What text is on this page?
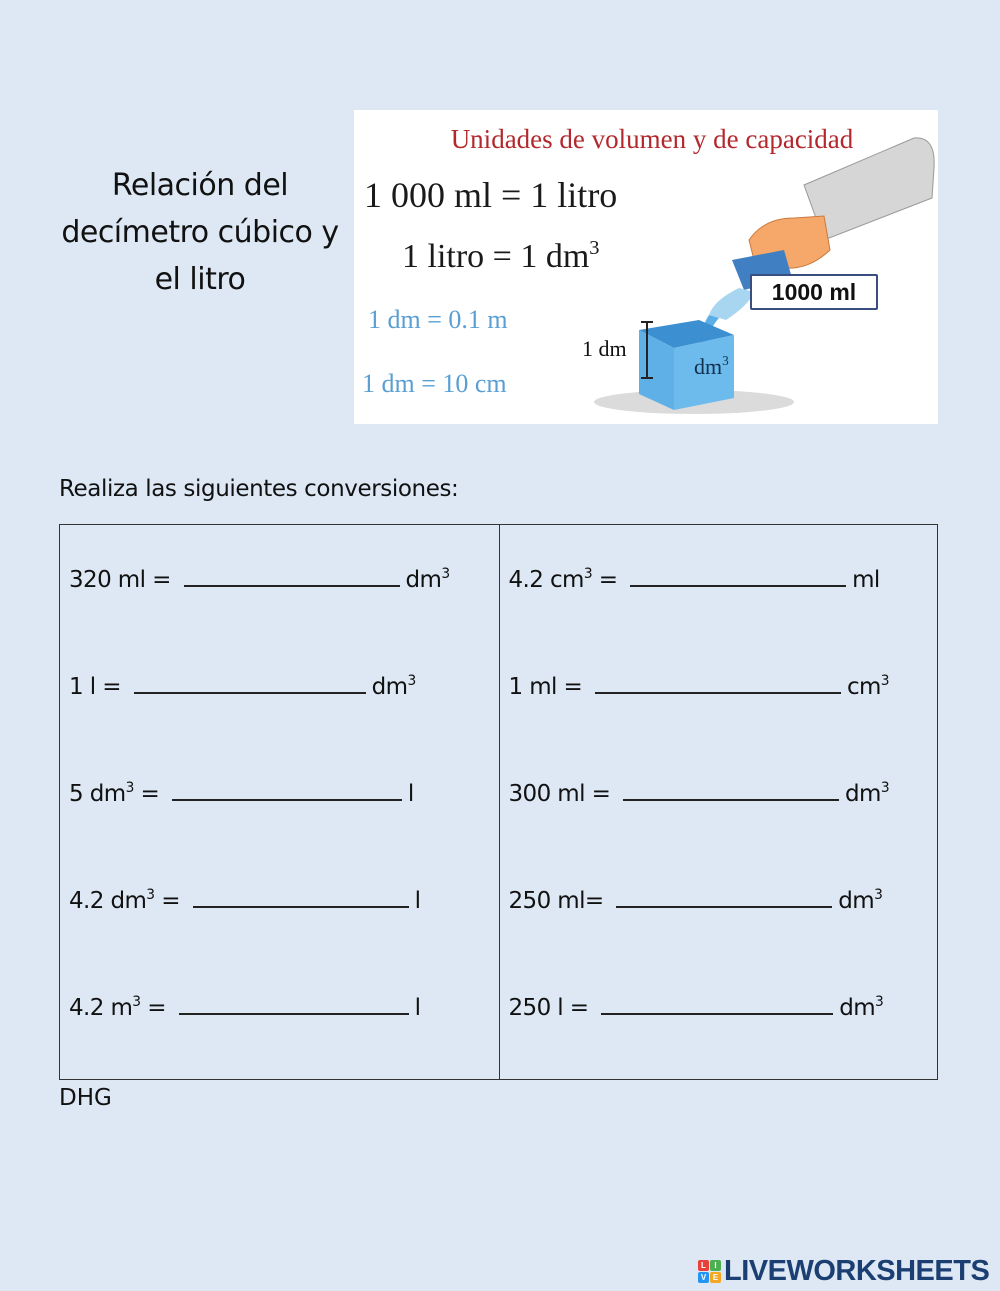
Relación del
decímetro cúbico y
el litro
Unidades de volumen y de capacidad
1 000 ml = 1 litro
1 litro = 1 $dm^3$
1 dm = 0.1 m
1 dm = 10 cm
1 dm
1000 ml
$dm^3$
Realiza las siguientes conversiones:
320 ml =	$dm^3$
1 l =	$dm^3$
5 $dm^3$ =	l
4.2 $dm^3$ =	l
4.2 $m^3$ =	l
4.2 $cm^3$ =	ml
1 ml =	$cm^3$
300 ml =	$dm^3$
250 ml=	$dm^3$
250 l =	$dm^3$
DHG
L	I
V E LIVEWORKSHEETS
